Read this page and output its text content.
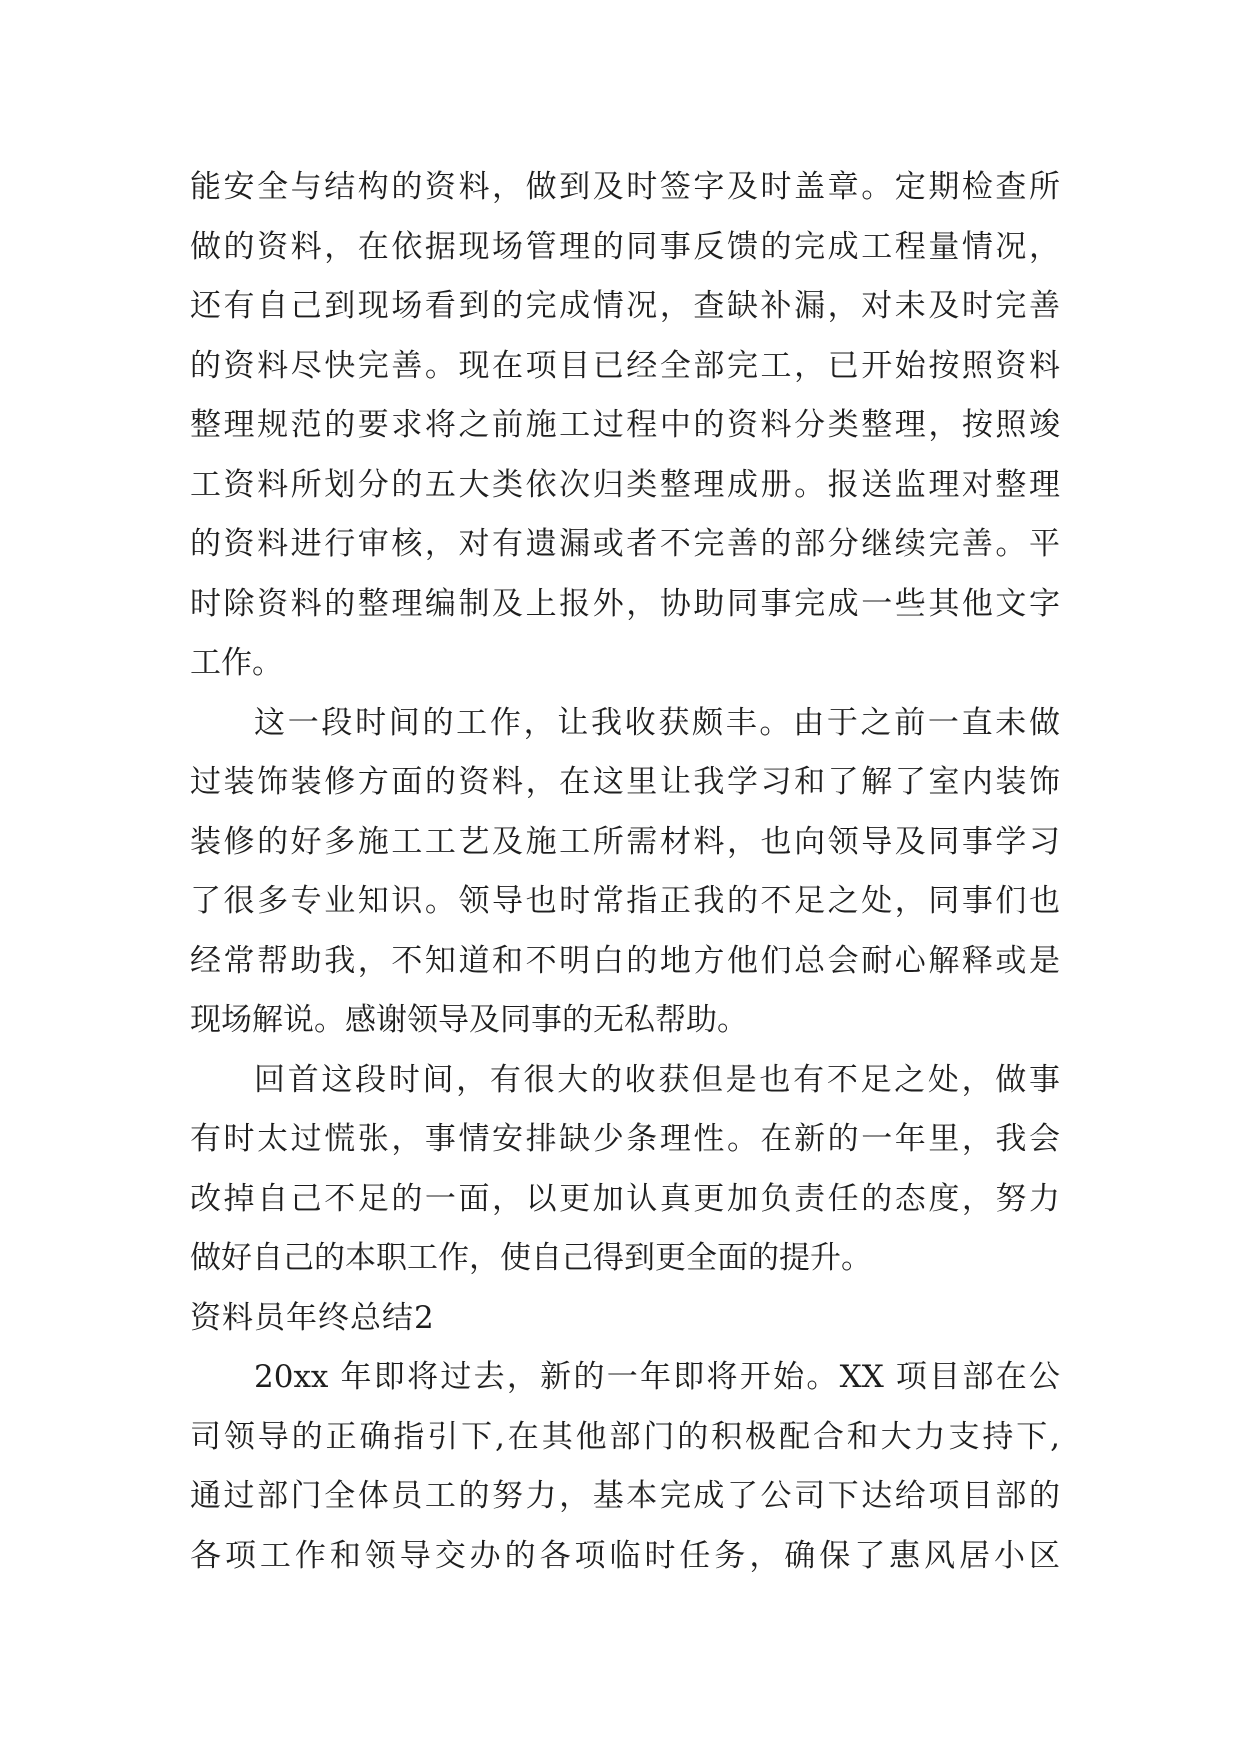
能安全与结构的资料，做到及时签字及时盖章。定期检查所
做的资料，在依据现场管理的同事反馈的完成工程量情况，
还有自己到现场看到的完成情况，查缺补漏，对未及时完善
的资料尽快完善。现在项目已经全部完工，已开始按照资料
整理规范的要求将之前施工过程中的资料分类整理，按照竣
工资料所划分的五大类依次归类整理成册。报送监理对整理
的资料进行审核，对有遗漏或者不完善的部分继续完善。平
时除资料的整理编制及上报外，协助同事完成一些其他文字
工作。
这一段时间的工作，让我收获颇丰。由于之前一直未做
过装饰装修方面的资料，在这里让我学习和了解了室内装饰
装修的好多施工工艺及施工所需材料，也向领导及同事学习
了很多专业知识。领导也时常指正我的不足之处，同事们也
经常帮助我，不知道和不明白的地方他们总会耐心解释或是
现场解说。感谢领导及同事的无私帮助。
回首这段时间，有很大的收获但是也有不足之处，做事
有时太过慌张，事情安排缺少条理性。在新的一年里，我会
改掉自己不足的一面，以更加认真更加负责任的态度，努力
做好自己的本职工作，使自己得到更全面的提升。
资料员年终总结2
20xx 年即将过去，新的一年即将开始。XX 项目部在公
司领导的正确指引下,在其他部门的积极配合和大力支持下,
通过部门全体员工的努力，基本完成了公司下达给项目部的
各项工作和领导交办的各项临时任务，确保了惠风居小区
